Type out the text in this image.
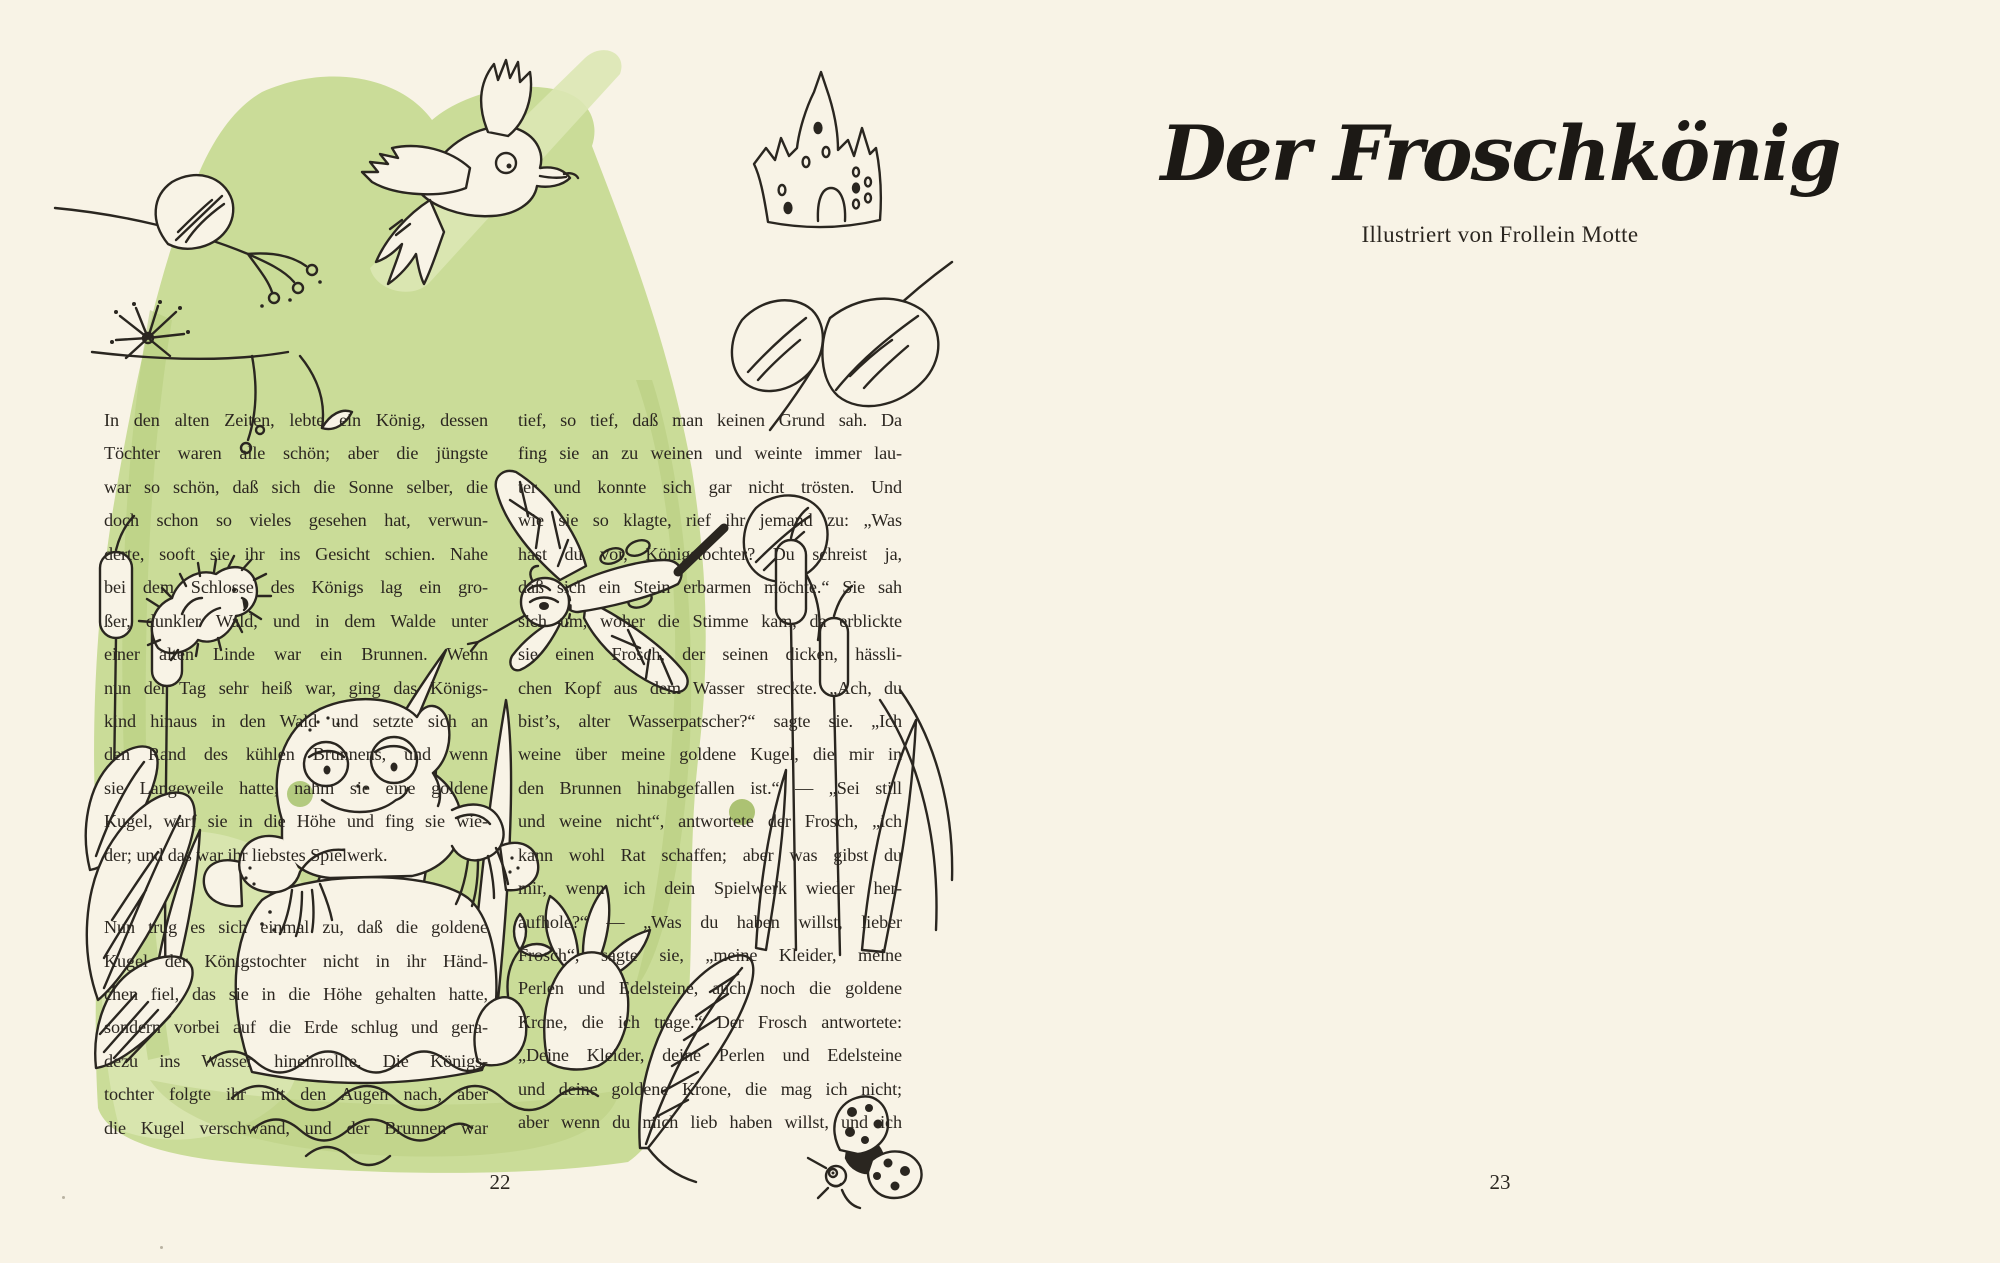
22
Der Froschkönig

Illustriert von Frollein Motte

In den alten Zeiten, lebte ein König, dessen
Töchter waren alle schön; aber die jüngste
war so schön, daß sich die Sonne selber, die
doch schon so vieles gesehen hat, verwun-
derte, sooft sie ihr ins Gesicht schien. Nahe
bei dem Schlosse des Königs lag ein gro-
ßer, dunkler Wald, und in dem Walde unter
einer alten Linde war ein Brunnen. Wenn
nun der Tag sehr heiß war, ging das Königs-
kind hinaus in den Wald und setzte sich an
den Rand des kühlen Brunnens, und wenn
sie Langeweile hatte, nahm sie eine goldene
Kugel, warf sie in die Höhe und fing sie wie-
der; und das war ihr liebstes Spielwerk.
Nun trug es sich einmal zu, daß die goldene
Kugel der Königstochter nicht in ihr Händ-
chen fiel, das sie in die Höhe gehalten hatte,
sondern vorbei auf die Erde schlug und gera-
dezu ins Wasser hineinrollte. Die Königs-
tochter folgte ihr mit den Augen nach, aber
die Kugel verschwand, und der Brunnen war
tief, so tief, daß man keinen Grund sah. Da
fing sie an zu weinen und weinte immer lau-
ter und konnte sich gar nicht trösten. Und
wie sie so klagte, rief ihr jemand zu: „Was
hast du vor, Königstochter? Du schreist ja,
daß sich ein Stein erbarmen möchte.“ Sie sah
sich um, woher die Stimme kam, da erblickte
sie einen Frosch, der seinen dicken, hässli-
chen Kopf aus dem Wasser streckte. „Ach, du
bist’s, alter Wasserpatscher?“ sagte sie. „Ich
weine über meine goldene Kugel, die mir in
den Brunnen hinabgefallen ist.“ — „Sei still
und weine nicht“, antwortete der Frosch, „ich
kann wohl Rat schaffen; aber was gibst du
mir, wenn ich dein Spielwerk wieder her-
aufhole?“ — „Was du haben willst, lieber
Frosch“, sagte sie, „meine Kleider, meine
Perlen und Edelsteine, auch noch die goldene
Krone, die ich trage.“ Der Frosch antwortete:
„Deine Kleider, deine Perlen und Edelsteine
und deine goldene Krone, die mag ich nicht;
aber wenn du mich lieb haben willst, und ich
23
